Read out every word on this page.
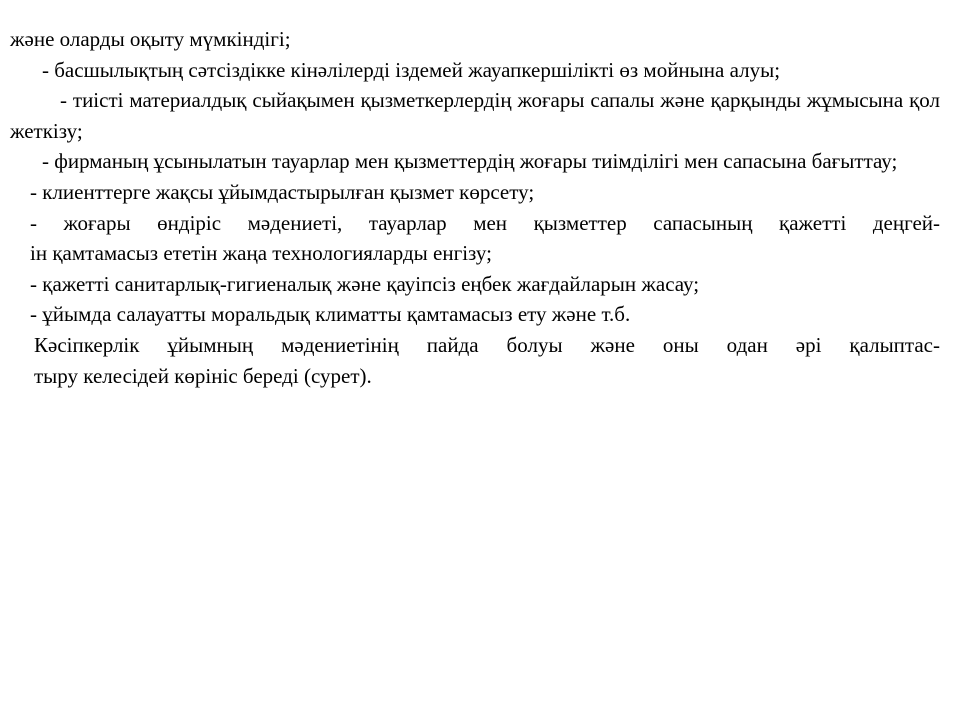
және оларды оқыту мүмкіндігі;

- басшылықтың сәтсіздікке кінәлілерді іздемей жауапкершілікті өз мойнына алуы;

- тиісті материалдық сыйақымен қызметкерлердің жоғары сапалы және қарқынды жұмысына қол жеткізу;

- фирманың ұсынылатын тауарлар мен қызметтердің жоғары тиімділігі мен сапасына бағыттау;

- клиенттерге жақсы ұйымдастырылған қызмет көрсету;

- жоғары өндіріс мәдениеті, тауарлар мен қызметтер сапасының қажетті деңгей-
ін қамтамасыз ететін жаңа технологияларды енгізу;

- қажетті санитарлық-гигиеналық және қауіпсіз еңбек жағдайларын жасау;

- ұйымда салауатты моральдық климатты қамтамасыз ету және т.б.

Кәсіпкерлік ұйымның мәдениетінің пайда болуы және оны одан әрі қалыптас-
тыру келесідей көрініс береді (сурет).
